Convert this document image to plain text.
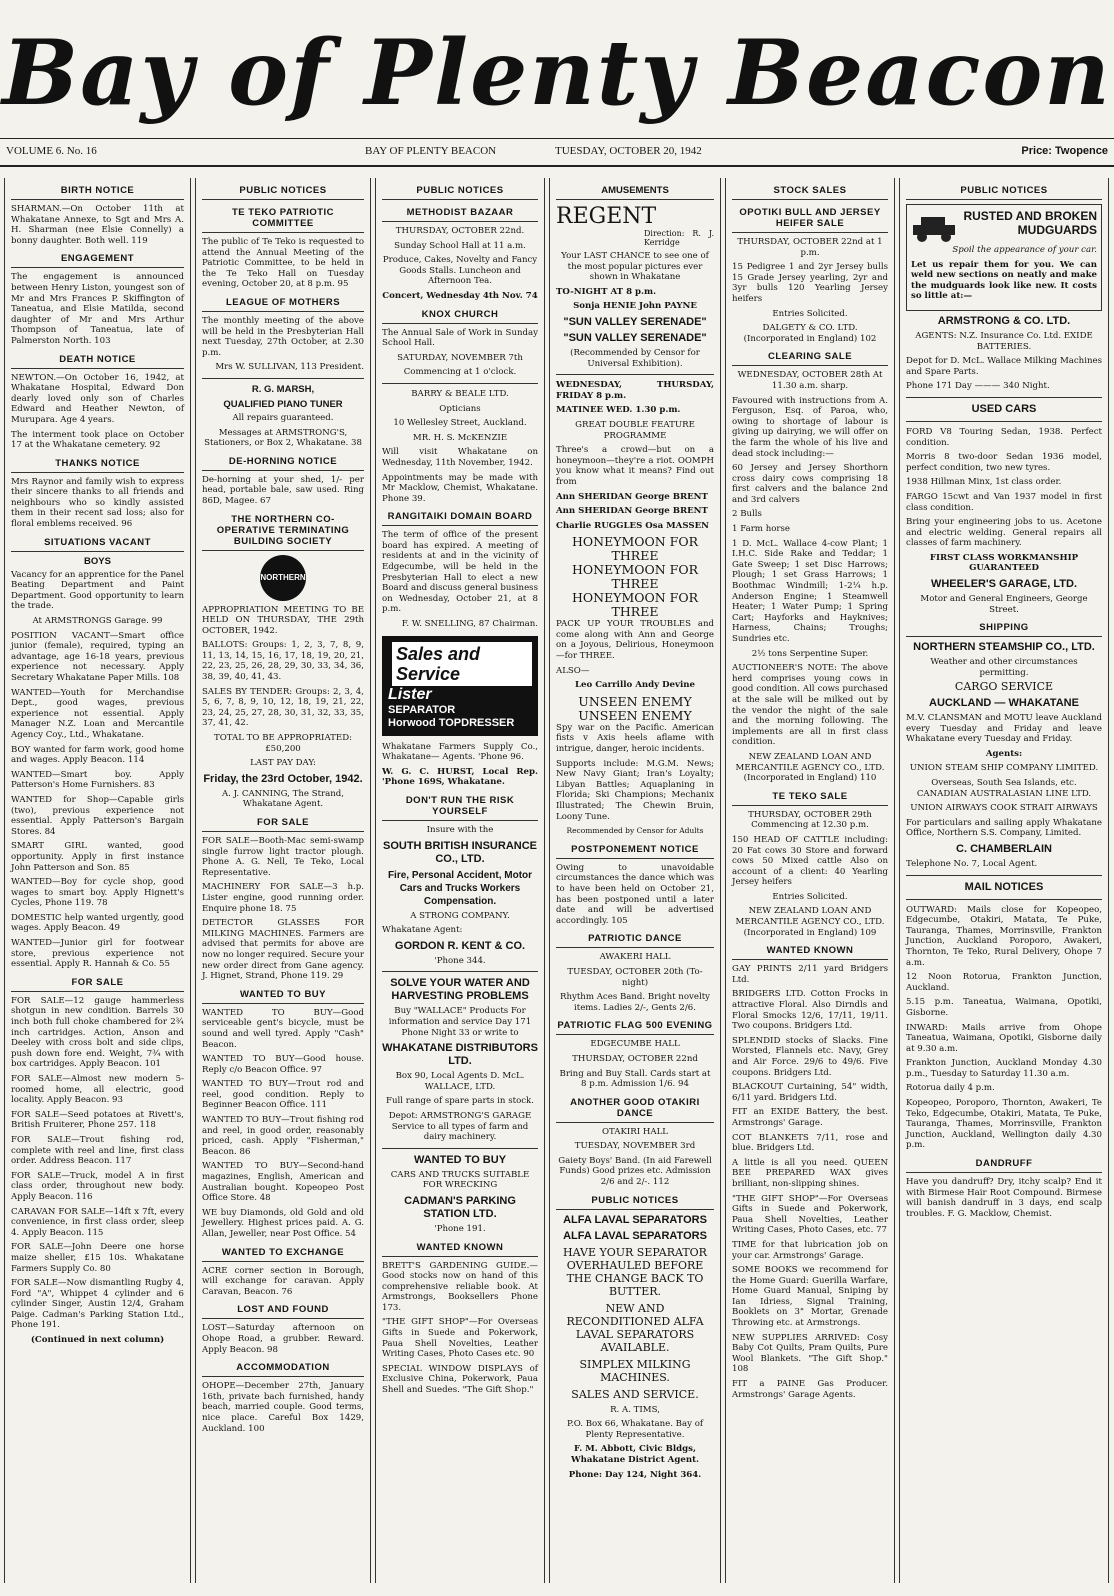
Bay of Plenty Beacon
VOLUME 6. No. 16	BAY OF PLENTY BEACON	TUESDAY, OCTOBER 20, 1942	Price: Twopence
BIRTH NOTICE

SHARMAN.—On October 11th at Whakatane Annexe, to Sgt and Mrs A. H. Sharman (nee Elsie Connelly) a bonny daughter. Both well. 119

ENGAGEMENT

The engagement is announced between Henry Liston, youngest son of Mr and Mrs Frances P. Skiffington of Taneatua, and Elsie Matilda, second daughter of Mr and Mrs Arthur Thompson of Taneatua, late of Palmerston North. 103

DEATH NOTICE

NEWTON.—On October 16, 1942, at Whakatane Hospital, Edward Don dearly loved only son of Charles Edward and Heather Newton, of Murupara. Age 4 years.

The interment took place on October 17 at the Whakatane cemetery. 92

THANKS NOTICE

Mrs Raynor and family wish to express their sincere thanks to all friends and neighbours who so kindly assisted them in their recent sad loss; also for floral emblems received. 96

SITUATIONS VACANT
BOYS

Vacancy for an apprentice for the Panel Beating Department and Paint Department. Good opportunity to learn the trade.

At ARMSTRONGS Garage. 99

POSITION VACANT—Smart office junior (female), required, typing an advantage, age 16-18 years, previous experience not necessary. Apply Secretary Whakatane Paper Mills. 108

WANTED—Youth for Merchandise Dept., good wages, previous experience not essential. Apply Manager N.Z. Loan and Mercantile Agency Coy., Ltd., Whakatane.

BOY wanted for farm work, good home and wages. Apply Beacon. 114

WANTED—Smart boy. Apply Patterson's Home Furnishers. 83

WANTED for Shop—Capable girls (two), previous experience not essential. Apply Patterson's Bargain Stores. 84

SMART GIRL wanted, good opportunity. Apply in first instance John Patterson and Son. 85

WANTED—Boy for cycle shop, good wages to smart boy. Apply Hignett's Cycles, Phone 119. 78

DOMESTIC help wanted urgently, good wages. Apply Beacon. 49

WANTED—Junior girl for footwear store, previous experience not essential. Apply R. Hannah & Co. 55

FOR SALE

FOR SALE—12 gauge hammerless shotgun in new condition. Barrels 30 inch both full choke chambered for 2¾ inch cartridges. Action, Anson and Deeley with cross bolt and side clips, push down fore end. Weight, 7¾ with box cartridges. Apply Beacon. 101

FOR SALE—Almost new modern 5-roomed home, all electric, good locality. Apply Beacon. 93

FOR SALE—Seed potatoes at Rivett's, British Fruiterer, Phone 257. 118

FOR SALE—Trout fishing rod, complete with reel and line, first class order. Address Beacon. 117

FOR SALE—Truck, model A in first class order, throughout new body. Apply Beacon. 116

CARAVAN FOR SALE—14ft x 7ft, every convenience, in first class order, sleep 4. Apply Beacon. 115

FOR SALE—John Deere one horse maize sheller, £15 10s. Whakatane Farmers Supply Co. 80

FOR SALE—Now dismantling Rugby 4, Ford "A", Whippet 4 cylinder and 6 cylinder Singer, Austin 12/4, Graham Paige. Cadman's Parking Station Ltd., Phone 191.

(Continued in next column)

PUBLIC NOTICES
TE TEKO PATRIOTIC COMMITTEE

The public of Te Teko is requested to attend the Annual Meeting of the Patriotic Committee, to be held in the Te Teko Hall on Tuesday evening, October 20, at 8 p.m. 95

LEAGUE OF MOTHERS

The monthly meeting of the above will be held in the Presbyterian Hall next Tuesday, 27th October, at 2.30 p.m.

Mrs W. SULLIVAN, 113 President.

R. G. MARSH,
QUALIFIED PIANO TUNER

All repairs guaranteed.

Messages at ARMSTRONG'S, Stationers, or Box 2, Whakatane. 38

DE-HORNING NOTICE

De-horning at your shed, 1/- per head, portable bale, saw used. Ring 86D, Magee. 67

THE NORTHERN CO-OPERATIVE TERMINATING BUILDING SOCIETY
NORTHERN

APPROPRIATION MEETING TO BE HELD ON THURSDAY, THE 29th OCTOBER, 1942.

BALLOTS: Groups: 1, 2, 3, 7, 8, 9, 11, 13, 14, 15, 16, 17, 18, 19, 20, 21, 22, 23, 25, 26, 28, 29, 30, 33, 34, 36, 38, 39, 40, 41, 43.

SALES BY TENDER: Groups: 2, 3, 4, 5, 6, 7, 8, 9, 10, 12, 18, 19, 21, 22, 23, 24, 25, 27, 28, 30, 31, 32, 33, 35, 37, 41, 42.

TOTAL TO BE APPROPRIATED: £50,200

LAST PAY DAY:

Friday, the 23rd October, 1942.

A. J. CANNING, The Strand, Whakatane Agent.

FOR SALE

FOR SALE—Booth-Mac semi-swamp single furrow light tractor plough. Phone A. G. Nell, Te Teko, Local Representative.

MACHINERY FOR SALE—3 h.p. Lister engine, good running order. Enquire phone 18. 75

DETECTOR GLASSES FOR MILKING MACHINES. Farmers are advised that permits for above are now no longer required. Secure your new order direct from Gane agency. J. Hignet, Strand, Phone 119. 29

WANTED TO BUY

WANTED TO BUY—Good serviceable gent's bicycle, must be sound and well tyred. Apply "Cash" Beacon.

WANTED TO BUY—Good house. Reply c/o Beacon Office. 97

WANTED TO BUY—Trout rod and reel, good condition. Reply to Beginner Beacon Office. 111

WANTED TO BUY—Trout fishing rod and reel, in good order, reasonably priced, cash. Apply "Fisherman," Beacon. 86

WANTED TO BUY—Second-hand magazines, English, American and Australian bought. Kopeopeo Post Office Store. 48

WE buy Diamonds, old Gold and old Jewellery. Highest prices paid. A. G. Allan, Jeweller, near Post Office. 54

WANTED TO EXCHANGE

ACRE corner section in Borough, will exchange for caravan. Apply Caravan, Beacon. 76

LOST AND FOUND

LOST—Saturday afternoon on Ohope Road, a grubber. Reward. Apply Beacon. 98

ACCOMMODATION

OHOPE—December 27th, January 16th, private bach furnished, handy beach, married couple. Good terms, nice place. Careful Box 1429, Auckland. 100

PUBLIC NOTICES
METHODIST BAZAAR

THURSDAY, OCTOBER 22nd.

Sunday School Hall at 11 a.m.

Produce, Cakes, Novelty and Fancy Goods Stalls. Luncheon and Afternoon Tea.

Concert, Wednesday 4th Nov. 74

KNOX CHURCH

The Annual Sale of Work in Sunday School Hall.

SATURDAY, NOVEMBER 7th

Commencing at 1 o'clock.

BARRY & BEALE LTD.

Opticians

10 Wellesley Street, Auckland.

MR. H. S. McKENZIE

Will visit Whakatane on Wednesday, 11th November, 1942.

Appointments may be made with Mr Macklow, Chemist, Whakatane. Phone 39.

RANGITAIKI DOMAIN BOARD

The term of office of the present board has expired. A meeting of residents at and in the vicinity of Edgecumbe, will be held in the Presbyterian Hall to elect a new Board and discuss general business on Wednesday, October 21, at 8 p.m.

F. W. SNELLING, 87 Chairman.

Sales and Service
Lister
SEPARATOR
Horwood TOPDRESSER

Whakatane Farmers Supply Co., Whakatane— Agents. 'Phone 96.

W. G. C. HURST, Local Rep. 'Phone 169S, Whakatane.

DON'T RUN THE RISK YOURSELF

Insure with the

SOUTH BRITISH INSURANCE CO., LTD.

Fire, Personal Accident, Motor Cars and Trucks Workers Compensation.

A STRONG COMPANY.

Whakatane Agent:

GORDON R. KENT & CO.

'Phone 344.

SOLVE YOUR WATER AND HARVESTING PROBLEMS

Buy "WALLACE" Products For information and service Day 171 Phone Night 33 or write to

WHAKATANE DISTRIBUTORS LTD.

Box 90, Local Agents D. McL. WALLACE, LTD.

Full range of spare parts in stock.

Depot: ARMSTRONG'S GARAGE Service to all types of farm and dairy machinery.

WANTED TO BUY

CARS AND TRUCKS SUITABLE FOR WRECKING

CADMAN'S PARKING STATION LTD.

'Phone 191.

WANTED KNOWN

BRETT'S GARDENING GUIDE.—Good stocks now on hand of this comprehensive reliable book. At Armstrongs, Booksellers Phone 173.

"THE GIFT SHOP"—For Overseas Gifts in Suede and Pokerwork, Paua Shell Novelties, Leather Writing Cases, Photo Cases etc. 90

SPECIAL WINDOW DISPLAYS of Exclusive China, Pokerwork, Paua Shell and Suedes. "The Gift Shop."

AMUSEMENTS
REGENT
Direction: R. J. Kerridge

Your LAST CHANCE to see one of the most popular pictures ever shown in Whakatane

TO-NIGHT AT 8 p.m.

Sonja HENIE John PAYNE

"SUN VALLEY SERENADE"

"SUN VALLEY SERENADE"

(Recommended by Censor for Universal Exhibition).

WEDNESDAY, THURSDAY, FRIDAY 8 p.m.

MATINEE WED. 1.30 p.m.

GREAT DOUBLE FEATURE PROGRAMME

Three's a crowd—but on a honeymoon—they're a riot. OOMPH you know what it means? Find out from

Ann SHERIDAN George BRENT

Ann SHERIDAN George BRENT

Charlie RUGGLES Osa MASSEN

HONEYMOON FOR THREE

HONEYMOON FOR THREE

HONEYMOON FOR THREE

PACK UP YOUR TROUBLES and come along with Ann and George on a Joyous, Delirious, Honeymoon —for THREE.

ALSO—

Leo Carrillo Andy Devine

UNSEEN ENEMY

UNSEEN ENEMY

Spy war on the Pacific. American fists v Axis heels aflame with intrigue, danger, heroic incidents.

Supports include: M.G.M. News; New Navy Giant; Iran's Loyalty; Libyan Battles; Aquaplaning in Florida; Ski Champions; Mechanix Illustrated; The Chewin Bruin, Loony Tune.

Recommended by Censor for Adults

POSTPONEMENT NOTICE

Owing to unavoidable circumstances the dance which was to have been held on October 21, has been postponed until a later date and will be advertised accordingly. 105

PATRIOTIC DANCE

AWAKERI HALL

TUESDAY, OCTOBER 20th (To-night)

Rhythm Aces Band. Bright novelty items. Ladies 2/-, Gents 2/6.

PATRIOTIC FLAG 500 EVENING

EDGECUMBE HALL

THURSDAY, OCTOBER 22nd

Bring and Buy Stall. Cards start at 8 p.m. Admission 1/6. 94

ANOTHER GOOD OTAKIRI DANCE

OTAKIRI HALL

TUESDAY, NOVEMBER 3rd

Gaiety Boys' Band. (In aid Farewell Funds) Good prizes etc. Admission 2/6 and 2/-. 112

PUBLIC NOTICES

ALFA LAVAL SEPARATORS

ALFA LAVAL SEPARATORS

HAVE YOUR SEPARATOR OVERHAULED BEFORE THE CHANGE BACK TO BUTTER.

NEW AND RECONDITIONED ALFA LAVAL SEPARATORS AVAILABLE.

SIMPLEX MILKING MACHINES.

SALES AND SERVICE.

R. A. TIMS,

P.O. Box 66, Whakatane. Bay of Plenty Representative.

F. M. Abbott, Civic Bldgs, Whakatane District Agent.

Phone: Day 124, Night 364.

STOCK SALES
OPOTIKI BULL AND JERSEY HEIFER SALE

THURSDAY, OCTOBER 22nd at 1 p.m.

15 Pedigree 1 and 2yr Jersey bulls 15 Grade Jersey yearling, 2yr and 3yr bulls 120 Yearling Jersey heifers

Entries Solicited.

DALGETY & CO. LTD. (Incorporated in England) 102

CLEARING SALE

WEDNESDAY, OCTOBER 28th At 11.30 a.m. sharp.

Favoured with instructions from A. Ferguson, Esq. of Paroa, who, owing to shortage of labour is giving up dairying, we will offer on the farm the whole of his live and dead stock including:—

60 Jersey and Jersey Shorthorn cross dairy cows comprising 18 first calvers and the balance 2nd and 3rd calvers

2 Bulls

1 Farm horse

1 D. McL. Wallace 4-cow Plant; 1 I.H.C. Side Rake and Teddar; 1 Gate Sweep; 1 set Disc Harrows; Plough; 1 set Grass Harrows; 1 Boothmac Windmill; 1-2¼ h.p. Anderson Engine; 1 Steamwell Heater; 1 Water Pump; 1 Spring Cart; Hayforks and Hayknives; Harness, Chains; Troughs; Sundries etc.

2½ tons Serpentine Super.

AUCTIONEER'S NOTE: The above herd comprises young cows in good condition. All cows purchased at the sale will be milked out by the vendor the night of the sale and the morning following. The implements are all in first class condition.

NEW ZEALAND LOAN AND MERCANTILE AGENCY CO., LTD. (Incorporated in England) 110

TE TEKO SALE

THURSDAY, OCTOBER 29th Commencing at 12.30 p.m.

150 HEAD OF CATTLE including: 20 Fat cows 30 Store and forward cows 50 Mixed cattle Also on account of a client: 40 Yearling Jersey heifers

Entries Solicited.

NEW ZEALAND LOAN AND MERCANTILE AGENCY CO., LTD. (Incorporated in England) 109

WANTED KNOWN

GAY PRINTS 2/11 yard Bridgers Ltd.

BRIDGERS LTD. Cotton Frocks in attractive Floral. Also Dirndls and Floral Smocks 12/6, 17/11, 19/11. Two coupons. Bridgers Ltd.

SPLENDID stocks of Slacks. Fine Worsted, Flannels etc. Navy, Grey and Air Force. 29/6 to 49/6. Five coupons. Bridgers Ltd.

BLACKOUT Curtaining, 54" width, 6/11 yard. Bridgers Ltd.

FIT an EXIDE Battery, the best. Armstrongs' Garage.

COT BLANKETS 7/11, rose and blue. Bridgers Ltd.

A little is all you need. QUEEN BEE PREPARED WAX gives brilliant, non-slipping shines.

"THE GIFT SHOP"—For Overseas Gifts in Suede and Pokerwork, Paua Shell Novelties, Leather Writing Cases, Photo Cases, etc. 77

TIME for that lubrication job on your car. Armstrongs' Garage.

SOME BOOKS we recommend for the Home Guard: Guerilla Warfare, Home Guard Manual, Sniping by Ian Idriess, Signal Training, Booklets on 3" Mortar, Grenade Throwing etc. at Armstrongs.

NEW SUPPLIES ARRIVED: Cosy Baby Cot Quilts, Pram Quilts, Pure Wool Blankets. "The Gift Shop." 108

FIT a PAINE Gas Producer. Armstrongs' Garage Agents.

PUBLIC NOTICES
RUSTED AND BROKEN MUDGUARDS
Spoil the appearance of your car.
Let us repair them for you. We can weld new sections on neatly and make the mudguards look like new. It costs so little at:—

ARMSTRONG & CO. LTD.

AGENTS: N.Z. Insurance Co. Ltd. EXIDE BATTERIES.

Depot for D. McL. Wallace Milking Machines and Spare Parts.

Phone 171 Day ——— 340 Night.

USED CARS

FORD V8 Touring Sedan, 1938. Perfect condition.

Morris 8 two-door Sedan 1936 model, perfect condition, two new tyres.

1938 Hillman Minx, 1st class order.

FARGO 15cwt and Van 1937 model in first class condition.

Bring your engineering jobs to us. Acetone and electric welding. General repairs all classes of farm machinery.

FIRST CLASS WORKMANSHIP GUARANTEED

WHEELER'S GARAGE, LTD.

Motor and General Engineers, George Street.

SHIPPING

NORTHERN STEAMSHIP CO., LTD.

Weather and other circumstances permitting.

CARGO SERVICE

AUCKLAND — WHAKATANE

M.V. CLANSMAN and MOTU leave Auckland every Tuesday and Friday and leave Whakatane every Tuesday and Friday.

Agents:

UNION STEAM SHIP COMPANY LIMITED.

Overseas, South Sea Islands, etc. CANADIAN AUSTRALASIAN LINE LTD.

UNION AIRWAYS COOK STRAIT AIRWAYS

For particulars and sailing apply Whakatane Office, Northern S.S. Company, Limited.

C. CHAMBERLAIN

Telephone No. 7, Local Agent.

MAIL NOTICES

OUTWARD: Mails close for Kopeopeo, Edgecumbe, Otakiri, Matata, Te Puke, Tauranga, Thames, Morrinsville, Frankton Junction, Auckland Poroporo, Awakeri, Thornton, Te Teko, Rural Delivery, Ohope 7 a.m.

12 Noon Rotorua, Frankton Junction, Auckland.

5.15 p.m. Taneatua, Waimana, Opotiki, Gisborne.

INWARD: Mails arrive from Ohope Taneatua, Waimana, Opotiki, Gisborne daily at 9.30 a.m.

Frankton Junction, Auckland Monday 4.30 p.m., Tuesday to Saturday 11.30 a.m.

Rotorua daily 4 p.m.

Kopeopeo, Poroporo, Thornton, Awakeri, Te Teko, Edgecumbe, Otakiri, Matata, Te Puke, Tauranga, Thames, Morrinsville, Frankton Junction, Auckland, Wellington daily 4.30 p.m.

DANDRUFF

Have you dandruff? Dry, itchy scalp? End it with Birmese Hair Root Compound. Birmese will banish dandruff in 3 days, end scalp troubles. F. G. Macklow, Chemist.
